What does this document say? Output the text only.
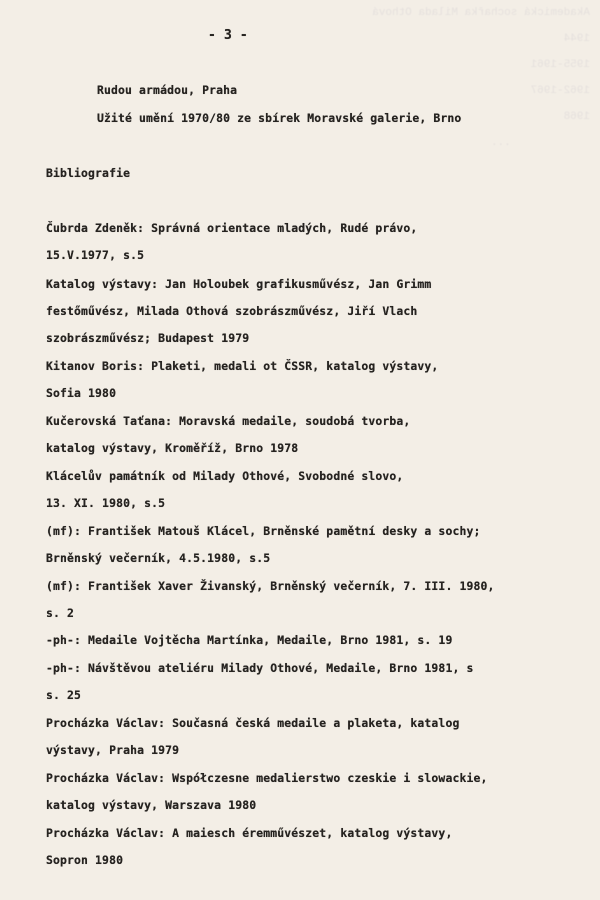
Akademická sochařka Milada Othová
1944
1955-1961
1962-1967
1968
...

- 3 -
Rudou armádou, Praha
Užité umění 1970/80 ze sbírek Moravské galerie, Brno
Bibliografie
Čubrda Zdeněk: Správná orientace mladých, Rudé právo,
15.V.1977, s.5
Katalog výstavy: Jan Holoubek grafikusművész, Jan Grimm
festőművész, Milada Othová szobrászművész, Jiří Vlach
szobrászművész; Budapest 1979
Kitanov Boris: Plaketi, medali ot ČSSR, katalog výstavy,
Sofia 1980
Kučerovská Taťana: Moravská medaile, soudobá tvorba,
katalog výstavy, Kroměříž, Brno 1978
Klácelův památník od Milady Othové, Svobodné slovo,
13. XI. 1980, s.5
(mf): František Matouš Klácel, Brněnské pamětní desky a sochy;
Brněnský večerník, 4.5.1980, s.5
(mf): František Xaver Živanský, Brněnský večerník, 7. III. 1980,
s. 2
-ph-: Medaile Vojtěcha Martínka, Medaile, Brno 1981, s. 19
-ph-: Návštěvou ateliéru Milady Othové, Medaile, Brno 1981, s
s. 25
Procházka Václav: Současná česká medaile a plaketa, katalog
výstavy, Praha 1979
Procházka Václav: Współczesne medalierstwo czeskie i slowackie,
katalog výstavy, Warszava 1980
Procházka Václav: A maiesch éremművészet, katalog výstavy,
Sopron 1980
